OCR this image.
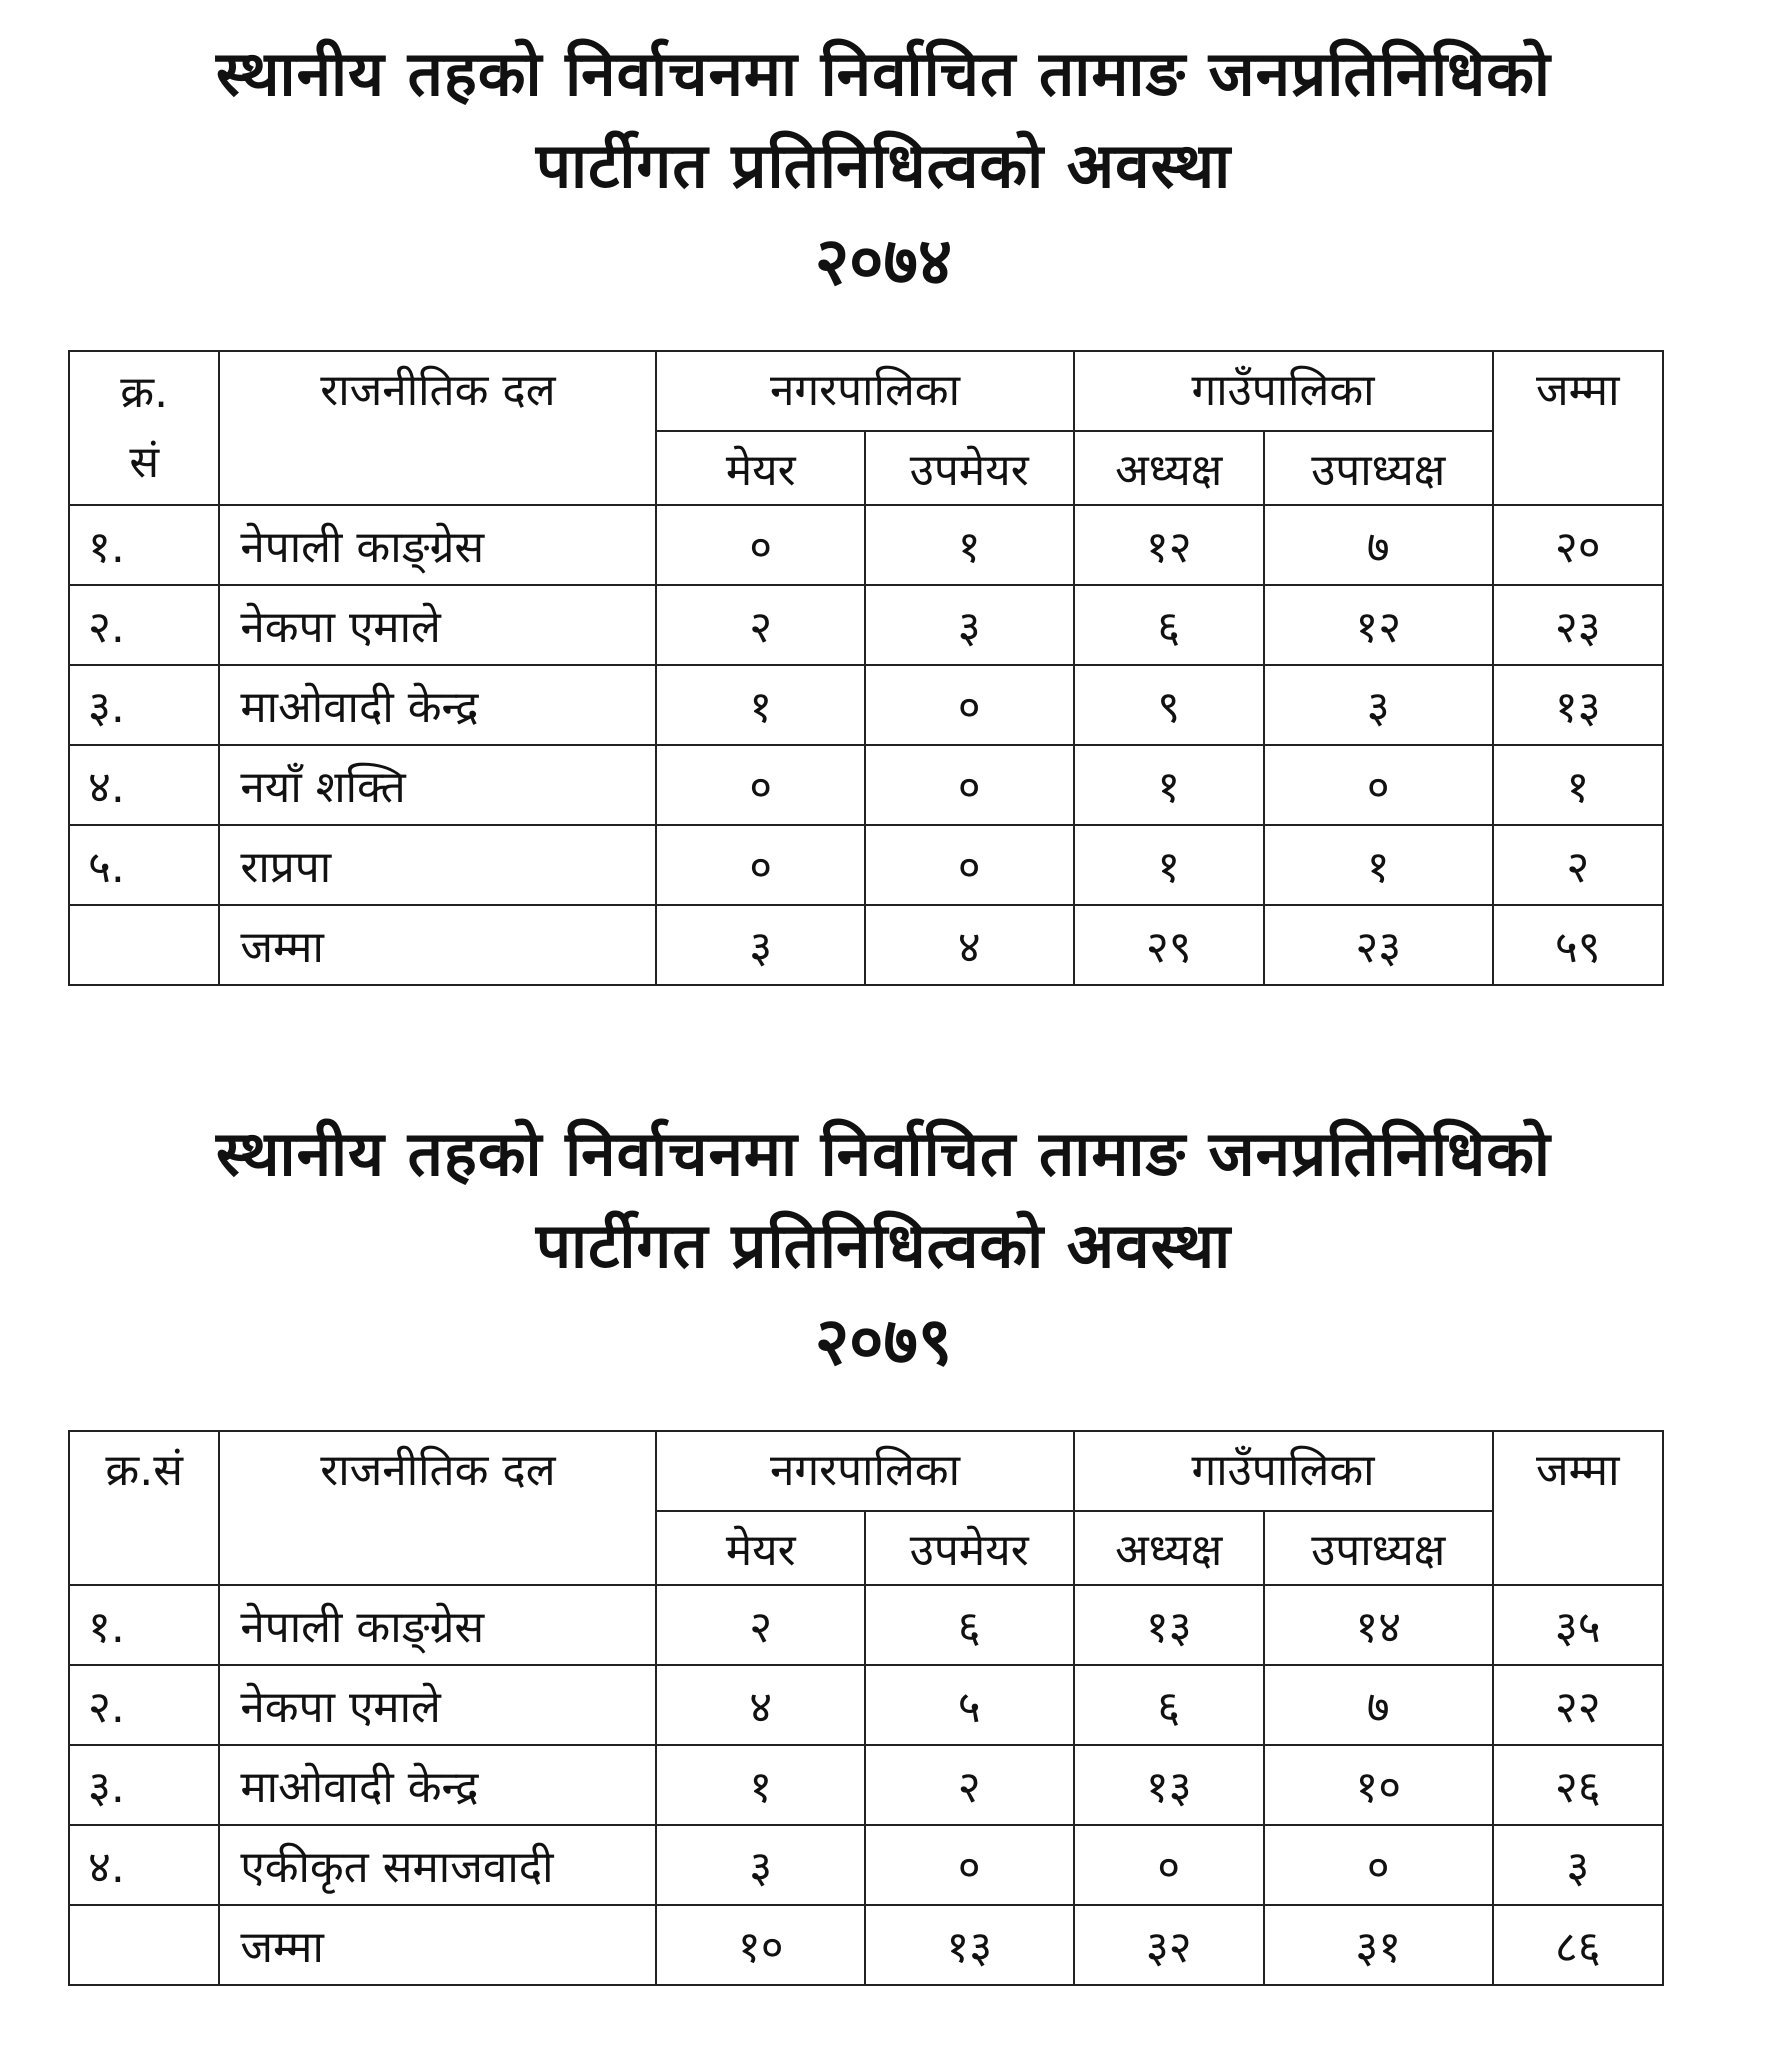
स्थानीय तहको निर्वाचनमा निर्वाचित तामाङ जनप्रतिनिधिको

पार्टीगत प्रतिनिधित्वको अवस्था

२०७४

क्र.
सं	राजनीतिक दल	नगरपालिका		गाउँपालिका		जम्मा
		मेयर	उपमेयर	अध्यक्ष	उपाध्यक्ष	
१.	नेपाली काङ्ग्रेस	०	१	१२	७	२०
२.	नेकपा एमाले	२	३	६	१२	२३
३.	माओवादी केन्द्र	१	०	९	३	१३
४.	नयाँ शक्ति	०	०	१	०	१
५.	राप्रपा	०	०	१	१	२
	जम्मा	३	४	२९	२३	५९

स्थानीय तहको निर्वाचनमा निर्वाचित तामाङ जनप्रतिनिधिको

पार्टीगत प्रतिनिधित्वको अवस्था

२०७९

क्र.सं	राजनीतिक दल	नगरपालिका		गाउँपालिका		जम्मा
		मेयर	उपमेयर	अध्यक्ष	उपाध्यक्ष	
१.	नेपाली काङ्ग्रेस	२	६	१३	१४	३५
२.	नेकपा एमाले	४	५	६	७	२२
३.	माओवादी केन्द्र	१	२	१३	१०	२६
४.	एकीकृत समाजवादी	३	०	०	०	३
	जम्मा	१०	१३	३२	३१	८६
